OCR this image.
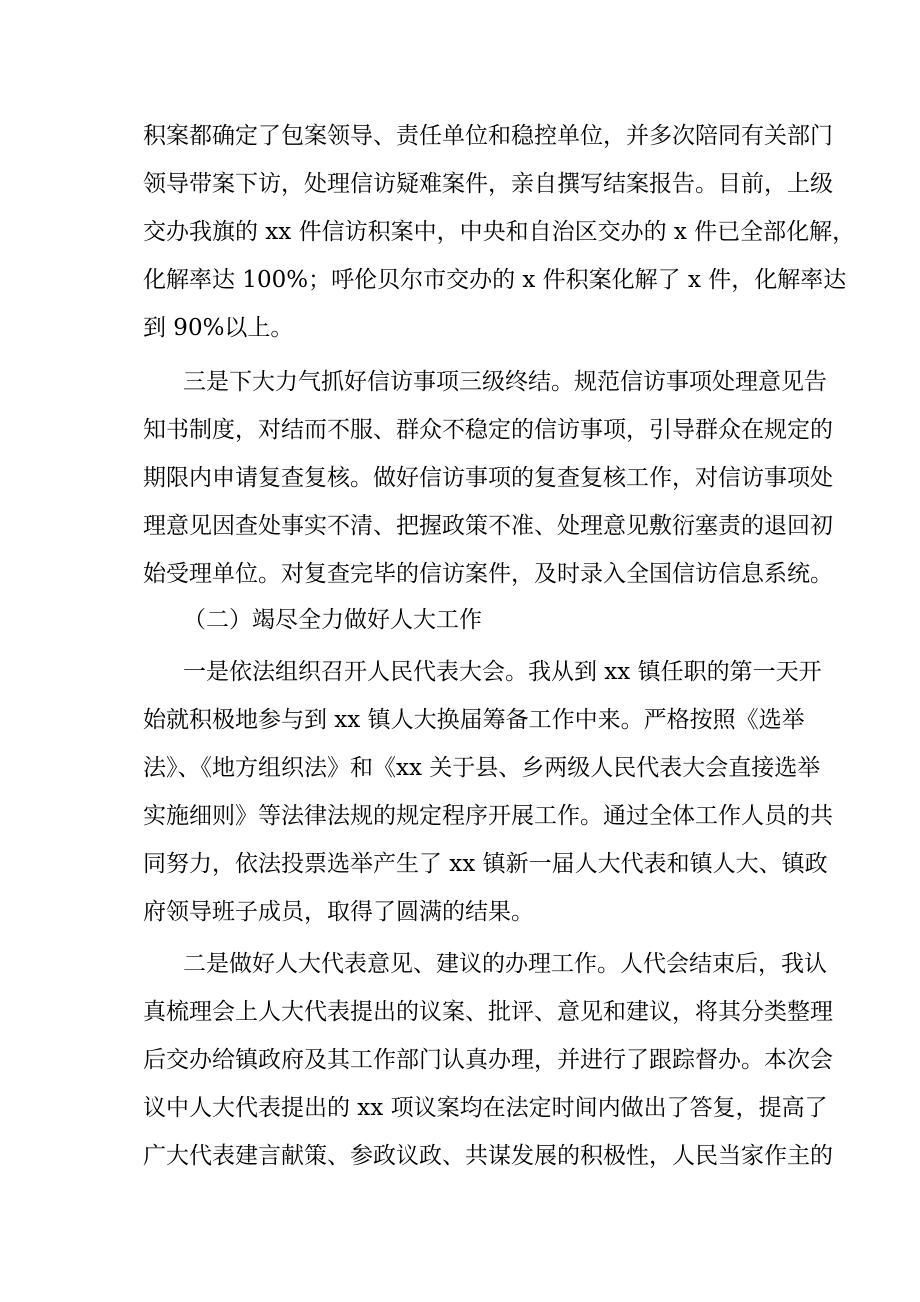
积案都确定了包案领导、责任单位和稳控单位，并多次陪同有关部门
领导带案下访，处理信访疑难案件，亲自撰写结案报告。目前，上级
交办我旗的 xx 件信访积案中，中央和自治区交办的 x 件已全部化解，
化解率达 100%；呼伦贝尔市交办的 x 件积案化解了 x 件，化解率达
到 90%以上。
三是下大力气抓好信访事项三级终结。规范信访事项处理意见告
知书制度，对结而不服、群众不稳定的信访事项，引导群众在规定的
期限内申请复查复核。做好信访事项的复查复核工作，对信访事项处
理意见因查处事实不清、把握政策不准、处理意见敷衍塞责的退回初
始受理单位。对复查完毕的信访案件，及时录入全国信访信息系统。
（二）竭尽全力做好人大工作
一是依法组织召开人民代表大会。我从到 xx 镇任职的第一天开
始就积极地参与到 xx 镇人大换届筹备工作中来。严格按照《选举
法》、《地方组织法》和《xx 关于县、乡两级人民代表大会直接选举
实施细则》等法律法规的规定程序开展工作。通过全体工作人员的共
同努力，依法投票选举产生了 xx 镇新一届人大代表和镇人大、镇政
府领导班子成员，取得了圆满的结果。
二是做好人大代表意见、建议的办理工作。人代会结束后，我认
真梳理会上人大代表提出的议案、批评、意见和建议，将其分类整理
后交办给镇政府及其工作部门认真办理，并进行了跟踪督办。本次会
议中人大代表提出的 xx 项议案均在法定时间内做出了答复，提高了
广大代表建言献策、参政议政、共谋发展的积极性，人民当家作主的
